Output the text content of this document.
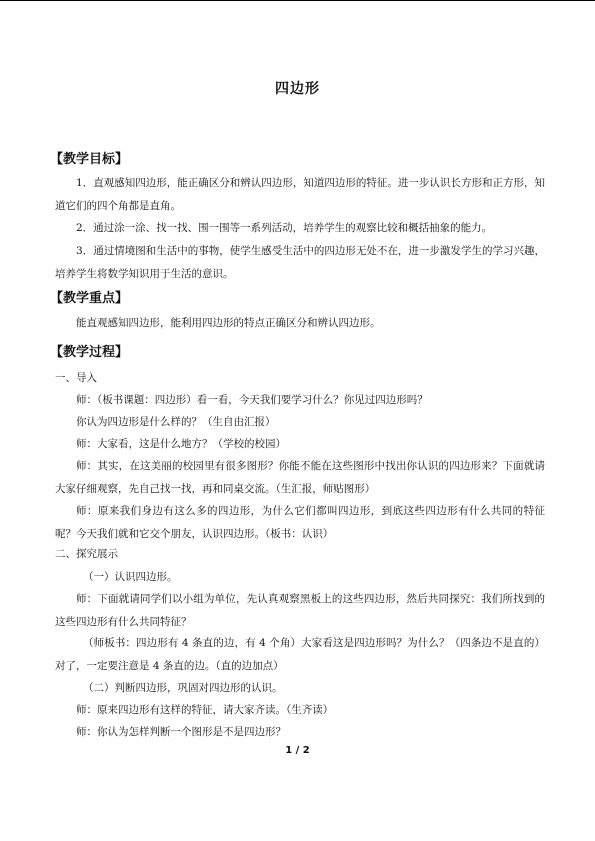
四边形
【教学目标】
1．直观感知四边形，能正确区分和辨认四边形，知道四边形的特征。进一步认识长方形和正方形，知道它们的四个角都是直角。
2．通过涂一涂、找一找、围一围等一系列活动，培养学生的观察比较和概括抽象的能力。
3．通过情境图和生活中的事物，使学生感受生活中的四边形无处不在，进一步激发学生的学习兴趣，培养学生将数学知识用于生活的意识。
【教学重点】
能直观感知四边形，能利用四边形的特点正确区分和辨认四边形。
【教学过程】
一、导入
师：（板书课题：四边形）看一看，今天我们要学习什么？你见过四边形吗？
你认为四边形是什么样的？（生自由汇报）
师：大家看，这是什么地方？（学校的校园）
师：其实，在这美丽的校园里有很多图形？你能不能在这些图形中找出你认识的四边形来？下面就请大家仔细观察，先自己找一找，再和同桌交流。（生汇报，师贴图形）
师：原来我们身边有这么多的四边形，为什么它们都叫四边形，到底这些四边形有什么共同的特征呢？今天我们就和它交个朋友，认识四边形。（板书：认识）
二、探究展示
（一）认识四边形。
师：下面就请同学们以小组为单位，先认真观察黑板上的这些四边形，然后共同探究：我们所找到的这些四边形有什么共同特征？
（师板书：四边形有 4 条直的边，有 4 个角）大家看这是四边形吗？为什么？（四条边不是直的）对了，一定要注意是 4 条直的边。（直的边加点）
（二）判断四边形，巩固对四边形的认识。
师：原来四边形有这样的特征，请大家齐读。（生齐读）
师：你认为怎样判断一个图形是不是四边形？
1 / 2
